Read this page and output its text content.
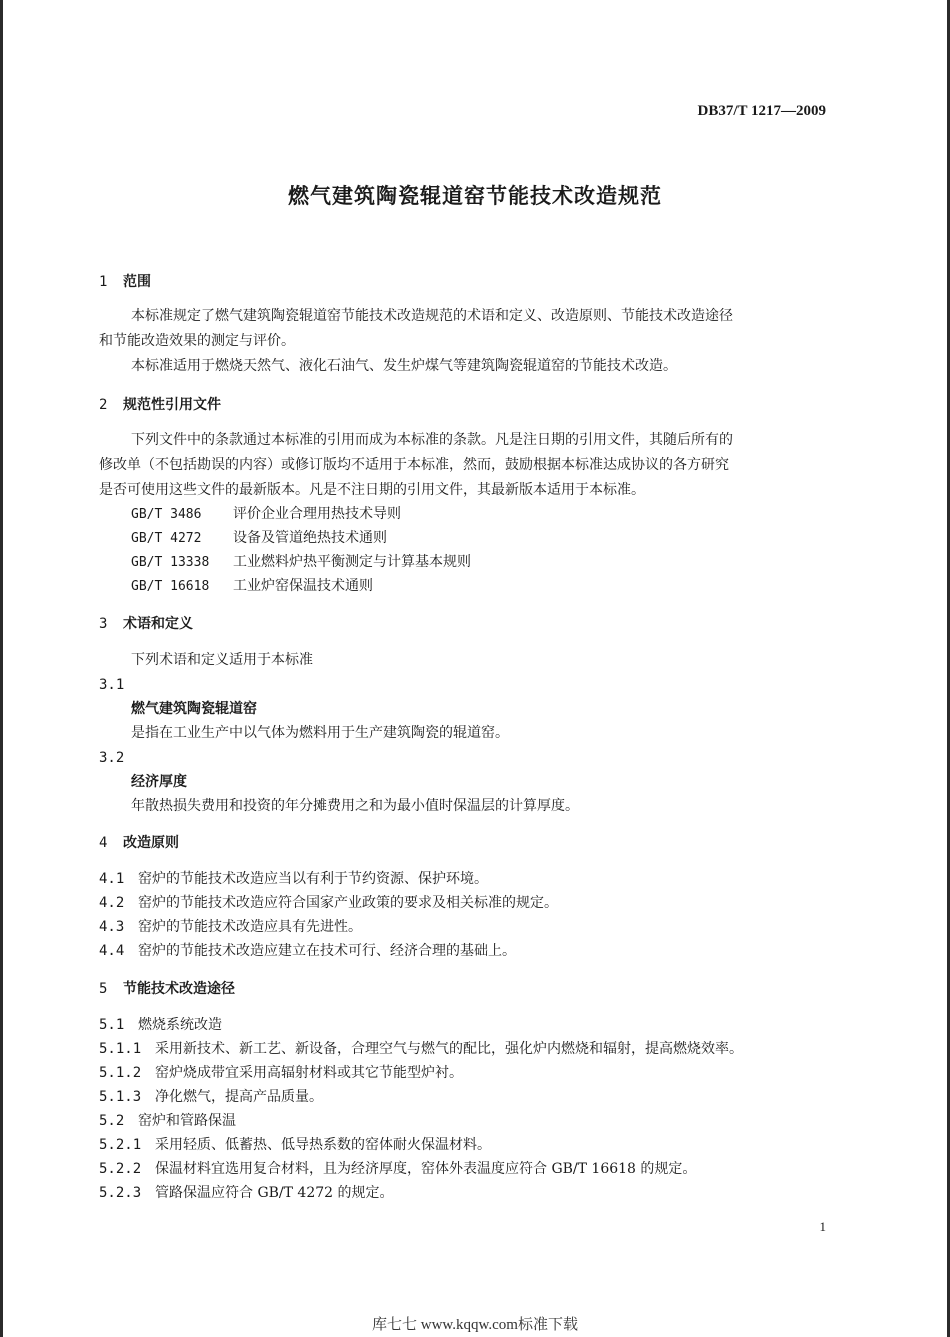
DB37/T 1217—2009
燃气建筑陶瓷辊道窑节能技术改造规范
1 范围
本标准规定了燃气建筑陶瓷辊道窑节能技术改造规范的术语和定义、改造原则、节能技术改造途径
和节能改造效果的测定与评价。
本标准适用于燃烧天然气、液化石油气、发生炉煤气等建筑陶瓷辊道窑的节能技术改造。
2 规范性引用文件
下列文件中的条款通过本标准的引用而成为本标准的条款。凡是注日期的引用文件，其随后所有的
修改单（不包括勘误的内容）或修订版均不适用于本标准，然而，鼓励根据本标准达成协议的各方研究
是否可使用这些文件的最新版本。凡是不注日期的引用文件，其最新版本适用于本标准。
GB/T 3486 评价企业合理用热技术导则
GB/T 4272 设备及管道绝热技术通则
GB/T 13338 工业燃料炉热平衡测定与计算基本规则
GB/T 16618 工业炉窑保温技术通则
3 术语和定义
下列术语和定义适用于本标准
3.1
燃气建筑陶瓷辊道窑
是指在工业生产中以气体为燃料用于生产建筑陶瓷的辊道窑。
3.2
经济厚度
年散热损失费用和投资的年分摊费用之和为最小值时保温层的计算厚度。
4 改造原则
4.1 窑炉的节能技术改造应当以有利于节约资源、保护环境。
4.2 窑炉的节能技术改造应符合国家产业政策的要求及相关标准的规定。
4.3 窑炉的节能技术改造应具有先进性。
4.4 窑炉的节能技术改造应建立在技术可行、经济合理的基础上。
5 节能技术改造途径
5.1 燃烧系统改造
5.1.1 采用新技术、新工艺、新设备，合理空气与燃气的配比，强化炉内燃烧和辐射，提高燃烧效率。
5.1.2 窑炉烧成带宜采用高辐射材料或其它节能型炉衬。
5.1.3 净化燃气，提高产品质量。
5.2 窑炉和管路保温
5.2.1 采用轻质、低蓄热、低导热系数的窑体耐火保温材料。
5.2.2 保温材料宜选用复合材料，且为经济厚度，窑体外表温度应符合 GB/T 16618 的规定。
5.2.3 管路保温应符合 GB/T 4272 的规定。
1
库七七 www.kqqw.com标准下载
